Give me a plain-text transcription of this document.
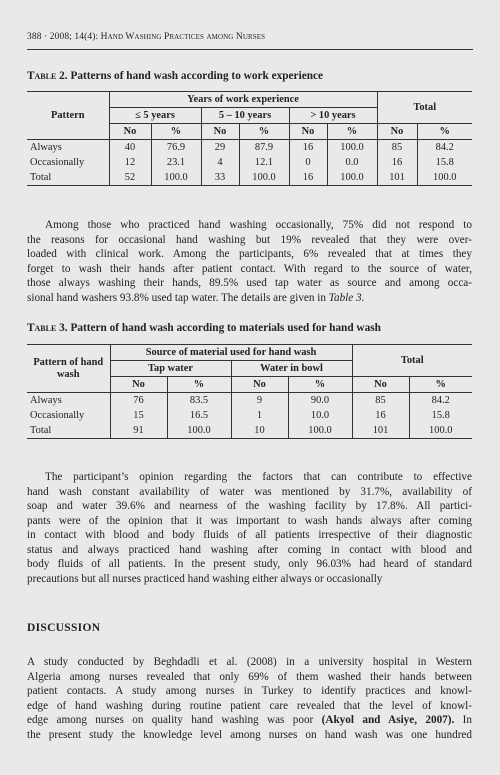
388 · 2008; 14(4): Hand Washing Practices among Nurses
Table 2. Patterns of hand wash according to work experience
Pattern	Years of work experience						Total	
	≤ 5 years		5 – 10 years		> 10 years			
	No	%	No	%	No	%	No	%
Always	40	76.9	29	87.9	16	100.0	85	84.2
Occasionally	12	23.1	4	12.1	0	0.0	16	15.8
Total	52	100.0	33	100.0	16	100.0	101	100.0
Among those who practiced hand washing occasionally, 75% did not respond to
the reasons for occasional hand washing but 19% revealed that they were over-
loaded with clinical work. Among the participants, 6% revealed that at times they
forget to wash their hands after patient contact. With regard to the source of water,
those always washing their hands, 89.5% used tap water as source and among occa-
sional hand washers 93.8% used tap water. The details are given in Table 3.
Table 3. Pattern of hand wash according to materials used for hand wash
Pattern of hand wash	Source of material used for hand wash				Total	
	Tap water		Water in bowl			
	No	%	No	%	No	%
Always	76	83.5	9	90.0	85	84.2
Occasionally	15	16.5	1	10.0	16	15.8
Total	91	100.0	10	100.0	101	100.0
The participant’s opinion regarding the factors that can contribute to effective
hand wash constant availability of water was mentioned by 31.7%, availability of
soap and water 39.6% and nearness of the washing facility by 17.8%. All partici-
pants were of the opinion that it was important to wash hands always after coming
in contact with blood and body fluids of all patients irrespective of their diagnostic
status and always practiced hand washing after coming in contact with blood and
body fluids of all patients. In the present study, only 96.03% had heard of standard
precautions but all nurses practiced hand washing either always or occasionally
DISCUSSION
A study conducted by Beghdadli et al. (2008) in a university hospital in Western
Algeria among nurses revealed that only 69% of them washed their hands between
patient contacts. A study among nurses in Turkey to identify practices and knowl-
edge of hand washing during routine patient care revealed that the level of knowl-
edge among nurses on quality hand washing was poor (Akyol and Asiye, 2007). In
the present study the knowledge level among nurses on hand wash was one hundred
